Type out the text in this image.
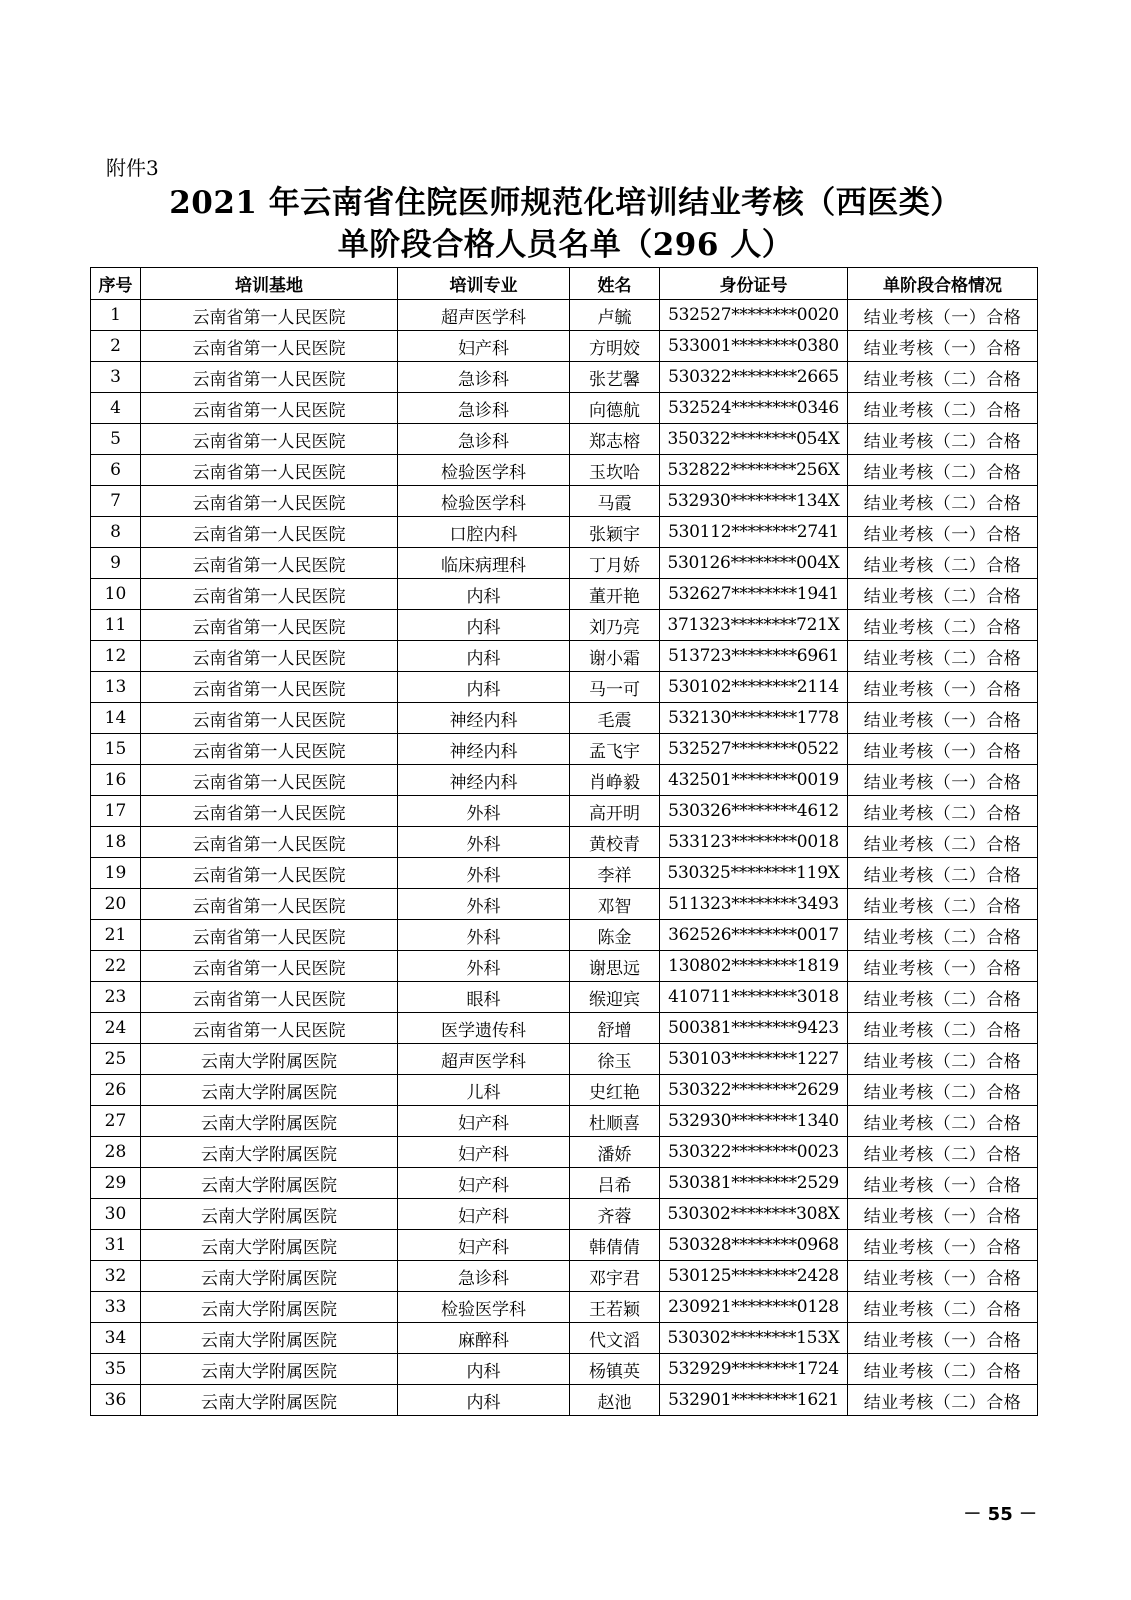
附件3
2021 年云南省住院医师规范化培训结业考核（西医类）
单阶段合格人员名单（296 人）
序号	培训基地	培训专业	姓名	身份证号	单阶段合格情况
1	云南省第一人民医院	超声医学科	卢毓	532527********0020	结业考核（一）合格
2	云南省第一人民医院	妇产科	方明姣	533001********0380	结业考核（一）合格
3	云南省第一人民医院	急诊科	张艺馨	530322********2665	结业考核（二）合格
4	云南省第一人民医院	急诊科	向德航	532524********0346	结业考核（二）合格
5	云南省第一人民医院	急诊科	郑志榕	350322********054X	结业考核（二）合格
6	云南省第一人民医院	检验医学科	玉坎哈	532822********256X	结业考核（二）合格
7	云南省第一人民医院	检验医学科	马霞	532930********134X	结业考核（二）合格
8	云南省第一人民医院	口腔内科	张颖宇	530112********2741	结业考核（一）合格
9	云南省第一人民医院	临床病理科	丁月娇	530126********004X	结业考核（二）合格
10	云南省第一人民医院	内科	董开艳	532627********1941	结业考核（二）合格
11	云南省第一人民医院	内科	刘乃亮	371323********721X	结业考核（二）合格
12	云南省第一人民医院	内科	谢小霜	513723********6961	结业考核（二）合格
13	云南省第一人民医院	内科	马一可	530102********2114	结业考核（一）合格
14	云南省第一人民医院	神经内科	毛震	532130********1778	结业考核（一）合格
15	云南省第一人民医院	神经内科	孟飞宇	532527********0522	结业考核（一）合格
16	云南省第一人民医院	神经内科	肖峥毅	432501********0019	结业考核（一）合格
17	云南省第一人民医院	外科	高开明	530326********4612	结业考核（二）合格
18	云南省第一人民医院	外科	黄校青	533123********0018	结业考核（二）合格
19	云南省第一人民医院	外科	李祥	530325********119X	结业考核（二）合格
20	云南省第一人民医院	外科	邓智	511323********3493	结业考核（二）合格
21	云南省第一人民医院	外科	陈金	362526********0017	结业考核（二）合格
22	云南省第一人民医院	外科	谢思远	130802********1819	结业考核（一）合格
23	云南省第一人民医院	眼科	缑迎宾	410711********3018	结业考核（二）合格
24	云南省第一人民医院	医学遗传科	舒增	500381********9423	结业考核（二）合格
25	云南大学附属医院	超声医学科	徐玉	530103********1227	结业考核（二）合格
26	云南大学附属医院	儿科	史红艳	530322********2629	结业考核（二）合格
27	云南大学附属医院	妇产科	杜顺喜	532930********1340	结业考核（二）合格
28	云南大学附属医院	妇产科	潘娇	530322********0023	结业考核（二）合格
29	云南大学附属医院	妇产科	吕希	530381********2529	结业考核（一）合格
30	云南大学附属医院	妇产科	齐蓉	530302********308X	结业考核（一）合格
31	云南大学附属医院	妇产科	韩倩倩	530328********0968	结业考核（一）合格
32	云南大学附属医院	急诊科	邓宇君	530125********2428	结业考核（一）合格
33	云南大学附属医院	检验医学科	王若颖	230921********0128	结业考核（二）合格
34	云南大学附属医院	麻醉科	代文滔	530302********153X	结业考核（一）合格
35	云南大学附属医院	内科	杨镇英	532929********1724	结业考核（二）合格
36	云南大学附属医院	内科	赵池	532901********1621	结业考核（二）合格
－ 55 －
